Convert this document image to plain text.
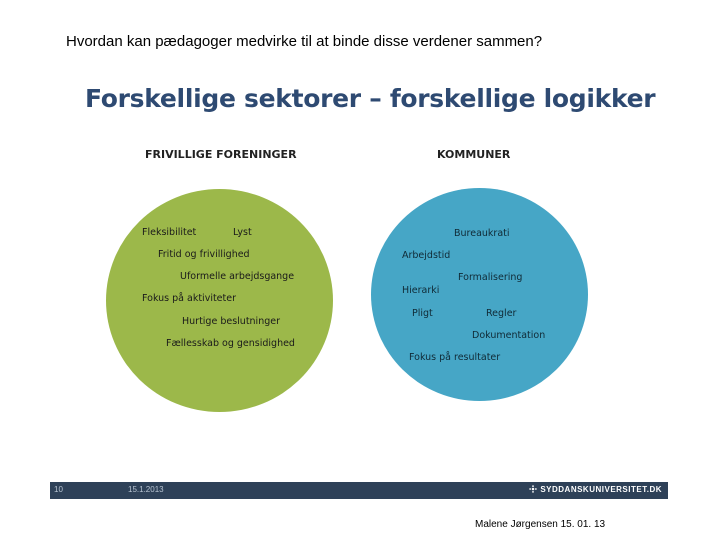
Hvordan kan pædagoger medvirke til at binde disse verdener sammen?
Forskellige sektorer – forskellige logikker
FRIVILLIGE FORENINGER	KOMMUNER
Fleksibilitet	Lyst
Fritid og frivillighed
Uformelle arbejdsgange
Fokus på aktiviteter
Hurtige beslutninger
Fællesskab og gensidighed
Bureaukrati
Arbejdstid
Formalisering
Hierarki
Pligt	Regler
Dokumentation
Fokus på resultater
10	15.1.2013	SYDDANSKUNIVERSITET.DK
Malene Jørgensen 15. 01. 13
